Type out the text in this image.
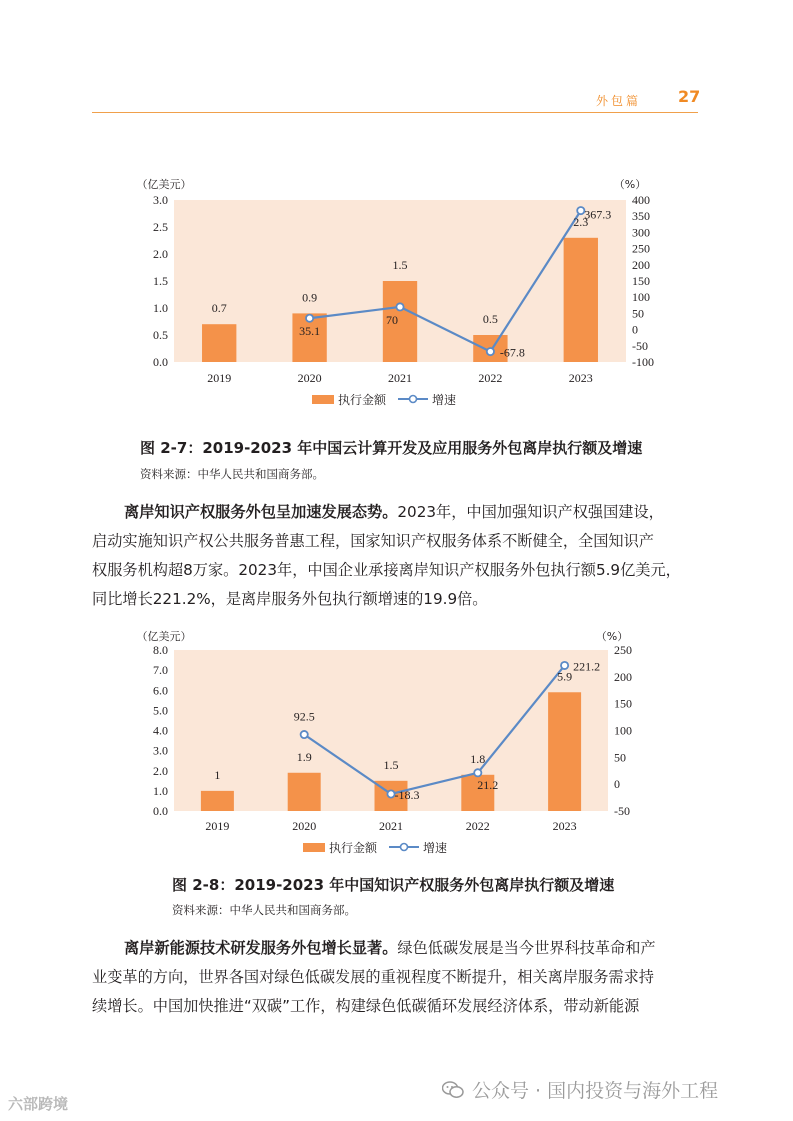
外包篇 27
（亿美元）	（%）
0.0
0.5
1.0
1.5
2.0
2.5
3.0
-100
-50
0
50
100
150
200
250
300
350
400
2019	2020	2021	2022	2023
0.7
0.9
1.5
0.5
2.3
35.1
70
-67.8
367.3
执行金额	增速
图 2-7：2019-2023 年中国云计算开发及应用服务外包离岸执行额及增速
资料来源：中华人民共和国商务部。
离岸知识产权服务外包呈加速发展态势。2023年，中国加强知识产权强国建设，
启动实施知识产权公共服务普惠工程，国家知识产权服务体系不断健全，全国知识产
权服务机构超8万家。2023年，中国企业承接离岸知识产权服务外包执行额5.9亿美元，
同比增长221.2%，是离岸服务外包执行额增速的19.9倍。
（亿美元）	（%）
0.0
1.0
2.0
3.0
4.0
5.0
6.0
7.0
8.0
-50
0
50
100
150
200
250
2019	2020	2021	2022	2023
1
1.9
1.5	1.8
5.9
92.5
-18.3
21.2
221.2
执行金额	增速
图 2-8：2019-2023 年中国知识产权服务外包离岸执行额及增速
资料来源：中华人民共和国商务部。
离岸新能源技术研发服务外包增长显著。绿色低碳发展是当今世界科技革命和产
业变革的方向，世界各国对绿色低碳发展的重视程度不断提升，相关离岸服务需求持
续增长。中国加快推进“双碳”工作，构建绿色低碳循环发展经济体系，带动新能源
六部跨境
公众号 · 国内投资与海外工程
